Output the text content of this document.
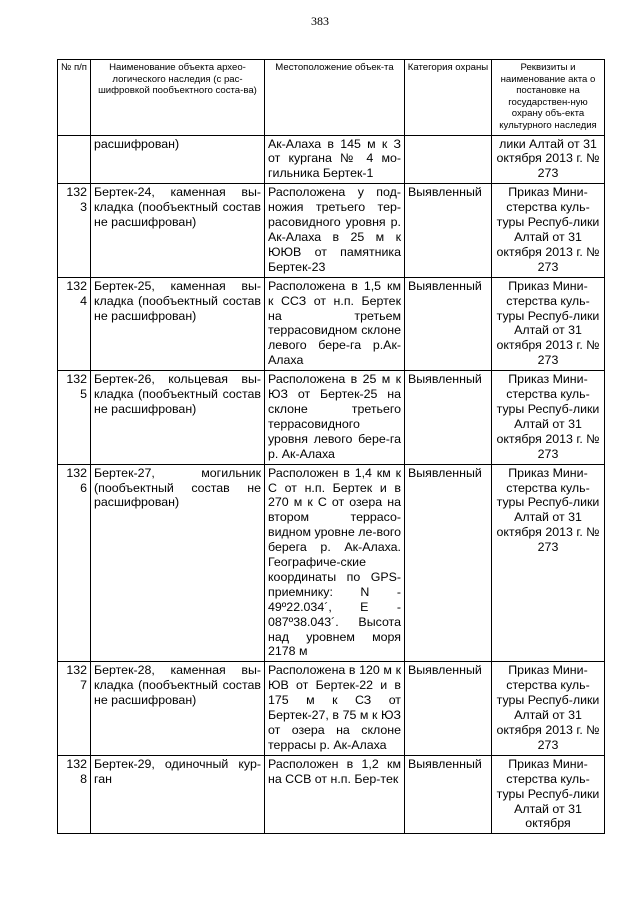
383
№ п/п	Наименование объекта архео-логического наследия (с рас-шифровкой пообъектного соста-ва)	Местоположение объек-та	Категория охраны	Реквизиты и наименование акта о постановке на государствен-ную охрану объ-екта культурного наследия
	расшифрован)	Ак-Алаха в 145 м к З от кургана № 4 мо-гильника Бертек-1		лики Алтай от 31 октября 2013 г. № 273
1323	Бертек-24, каменная вы-кладка (пообъектный состав не расшифрован)	Расположена у под-ножия третьего тер-расовидного уровня р. Ак-Алаха в 25 м к ЮЮВ от памятника Бертек-23	Выявленный	Приказ Мини-стерства куль-туры Респуб-лики Алтай от 31 октября 2013 г. № 273
1324	Бертек-25, каменная вы-кладка (пообъектный состав не расшифрован)	Расположена в 1,5 км к ССЗ от н.п. Бертек на третьем террасовидном склоне левого бере-га р.Ак-Алаха	Выявленный	Приказ Мини-стерства куль-туры Респуб-лики Алтай от 31 октября 2013 г. № 273
1325	Бертек-26, кольцевая вы-кладка (пообъектный состав не расшифрован)	Расположена в 25 м к ЮЗ от Бертек-25 на склоне третьего террасовидного уровня левого бере-га р. Ак-Алаха	Выявленный	Приказ Мини-стерства куль-туры Респуб-лики Алтай от 31 октября 2013 г. № 273
1326	Бертек-27, могильник (пообъектный состав не расшифрован)	Расположен в 1,4 км к С от н.п. Бертек и в 270 м к С от озера на втором террасо-видном уровне ле-вого берега р. Ак-Алаха. Географиче-ские координаты по GPS-приемнику: N - 49º22.034´, Е - 087º38.043´. Высота над уровнем моря 2178 м	Выявленный	Приказ Мини-стерства куль-туры Респуб-лики Алтай от 31 октября 2013 г. № 273
1327	Бертек-28, каменная вы-кладка (пообъектный состав не расшифрован)	Расположена в 120 м к ЮВ от Бертек-22 и в 175 м к СЗ от Бертек-27, в 75 м к ЮЗ от озера на склоне террасы р. Ак-Алаха	Выявленный	Приказ Мини-стерства куль-туры Респуб-лики Алтай от 31 октября 2013 г. № 273
1328	Бертек-29, одиночный кур-ган	Расположен в 1,2 км на ССВ от н.п. Бер-тек	Выявленный	Приказ Мини-стерства куль-туры Респуб-лики Алтай от 31 октября
